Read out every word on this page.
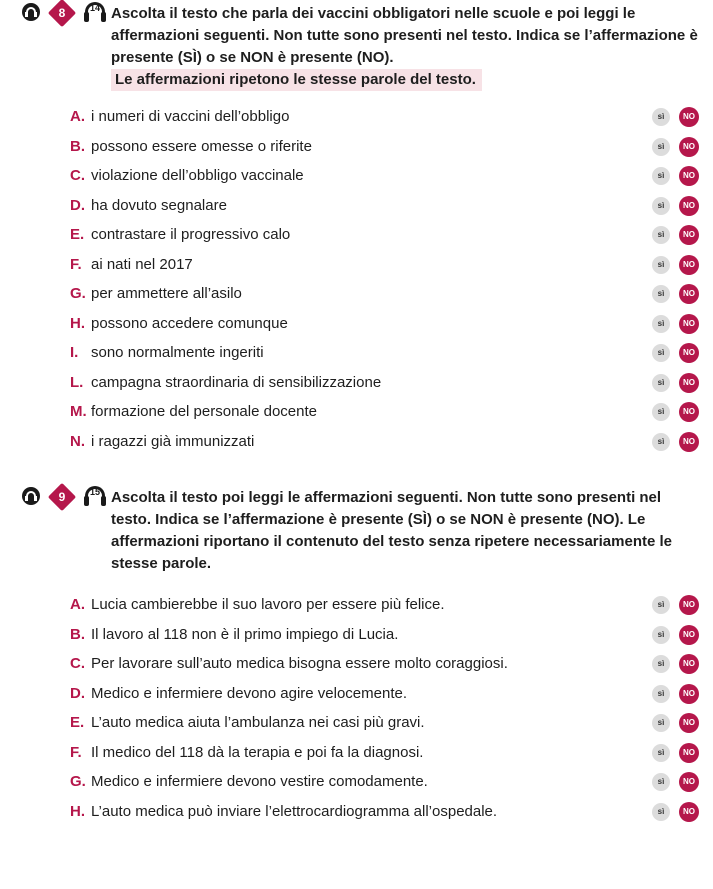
8	14 Ascolta il testo che parla dei vaccini obbligatori nelle scuole e poi leggi le affermazioni seguenti. Non tutte sono presenti nel testo. Indica se l’affermazione è presente (SÌ) o se NON è presente (NO).
Le affermazioni ripetono le stesse parole del testo.
A. i numeri di vaccini dell’obbligo	sì	NO
B. possono essere omesse o riferite	sì	NO
C. violazione dell’obbligo vaccinale	sì	NO
D. ha dovuto segnalare	sì	NO
E. contrastare il progressivo calo	sì	NO
F. ai nati nel 2017	sì	NO
G. per ammettere all’asilo	sì	NO
H. possono accedere comunque	sì	NO
I. sono normalmente ingeriti	sì	NO
L. campagna straordinaria di sensibilizzazione	sì	NO
M. formazione del personale docente	sì	NO
N. i ragazzi già immunizzati	sì	NO
9	15 Ascolta il testo poi leggi le affermazioni seguenti. Non tutte sono presenti nel testo. Indica se l’affermazione è presente (SÌ) o se NON è presente (NO). Le affermazioni riportano il contenuto del testo senza ripetere necessariamente le stesse parole.
A. Lucia cambierebbe il suo lavoro per essere più felice.	sì	NO
B. Il lavoro al 118 non è il primo impiego di Lucia.	sì	NO
C. Per lavorare sull’auto medica bisogna essere molto coraggiosi.	sì	NO
D. Medico e infermiere devono agire velocemente.	sì	NO
E. L’auto medica aiuta l’ambulanza nei casi più gravi.	sì	NO
F. Il medico del 118 dà la terapia e poi fa la diagnosi.	sì	NO
G. Medico e infermiere devono vestire comodamente.	sì	NO
H. L’auto medica può inviare l’elettrocardiogramma all’ospedale.	sì	NO
